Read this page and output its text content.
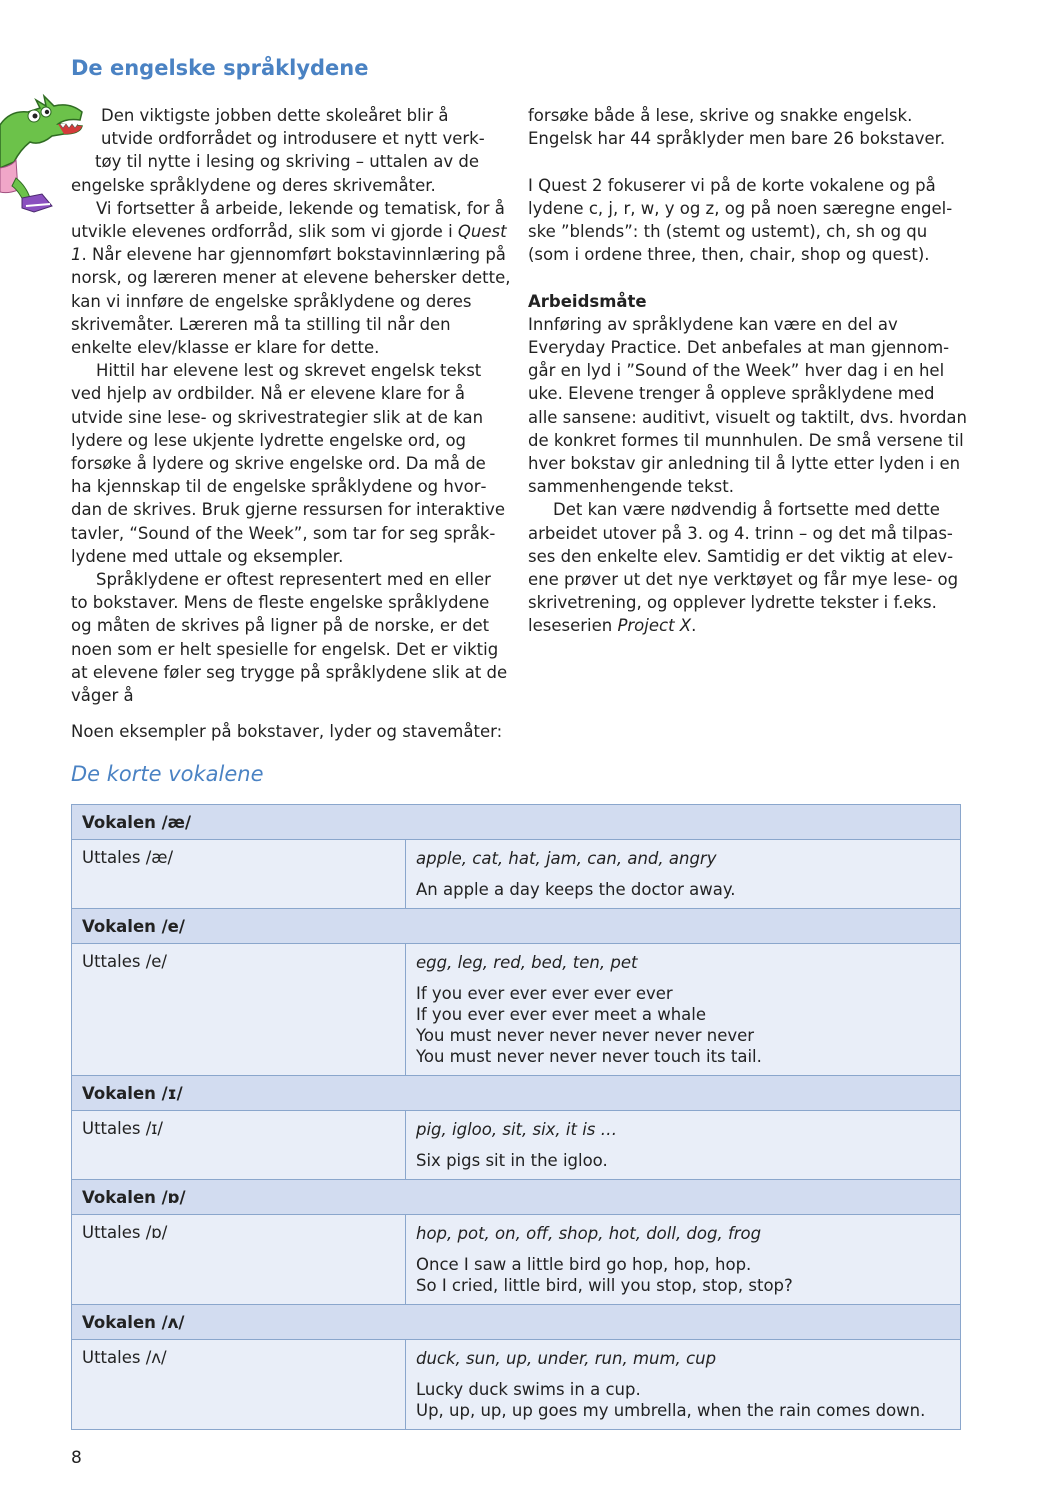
De engelske språklydene

Den viktigste jobben dette skoleåret blir å

utvide ordforrådet og introdusere et nytt verk-

tøy til nytte i lesing og skriving – uttalen av de

engelske språklydene og deres skrivemåter.

Vi fortsetter å arbeide, lekende og tematisk, for å utvikle elevenes ordforråd, slik som vi gjorde i Quest 1. Når elevene har gjennomført bokstavinnlæring på norsk, og læreren mener at elevene behersker dette, kan vi innføre de engelske språklydene og deres skrivemåter. Læreren må ta stilling til når den enkelte elev/klasse er klare for dette.

Hittil har elevene lest og skrevet engelsk tekst ved hjelp av ordbilder. Nå er elevene klare for å utvide sine lese- og skrivestrategier slik at de kan lydere og lese ukjente lydrette engelske ord, og forsøke å lydere og skrive engelske ord. Da må de ha kjennskap til de engelske språklydene og hvordan de skrives. Bruk gjerne ressursen for interaktive tavler, “Sound of the Week”, som tar for seg språklydene med uttale og eksempler.

Språklydene er oftest representert med en eller to bokstaver. Mens de fleste engelske språklydene og måten de skrives på ligner på de norske, er det noen som er helt spesielle for engelsk. Det er viktig at elevene føler seg trygge på språklydene slik at de våger å

forsøke både å lese, skrive og snakke engelsk. Engelsk har 44 språklyder men bare 26 bokstaver.

I Quest 2 fokuserer vi på de korte vokalene og på lydene c, j, r, w, y og z, og på noen særegne engelske ”blends”: th (stemt og ustemt), ch, sh og qu (som i ordene three, then, chair, shop og quest).

Arbeidsmåte

Innføring av språklydene kan være en del av Everyday Practice. Det anbefales at man gjennomgår en lyd i ”Sound of the Week” hver dag i en hel uke. Elevene trenger å oppleve språklydene med alle sansene: auditivt, visuelt og taktilt, dvs. hvordan de konkret formes til munnhulen. De små versene til hver bokstav gir anledning til å lytte etter lyden i en sammenhengende tekst.

Det kan være nødvendig å fortsette med dette arbeidet utover på 3. og 4. trinn – og det må tilpasses den enkelte elev. Samtidig er det viktig at elevene prøver ut det nye verktøyet og får mye lese- og skrivetrening, og opplever lydrette tekster i f.eks. leseserien Project X.

Noen eksempler på bokstaver, lyder og stavemåter:

De korte vokalene
Vokalen /æ/	
Uttales /æ/	apple, cat, hat, jam, can, and, angry
An apple a day keeps the doctor away.

Vokalen /e/	
Uttales /e/	egg, leg, red, bed, ten, pet
If you ever ever ever ever ever
If you ever ever ever meet a whale
You must never never never never never
You must never never never touch its tail.

Vokalen /ɪ/	
Uttales /ɪ/	pig, igloo, sit, six, it is …
Six pigs sit in the igloo.

Vokalen /ɒ/	
Uttales /ɒ/	hop, pot, on, off, shop, hot, doll, dog, frog
Once I saw a little bird go hop, hop, hop.
So I cried, little bird, will you stop, stop, stop?

Vokalen /ʌ/	
Uttales /ʌ/	duck, sun, up, under, run, mum, cup
Lucky duck swims in a cup.
Up, up, up, up goes my umbrella, when the rain comes down.
8
